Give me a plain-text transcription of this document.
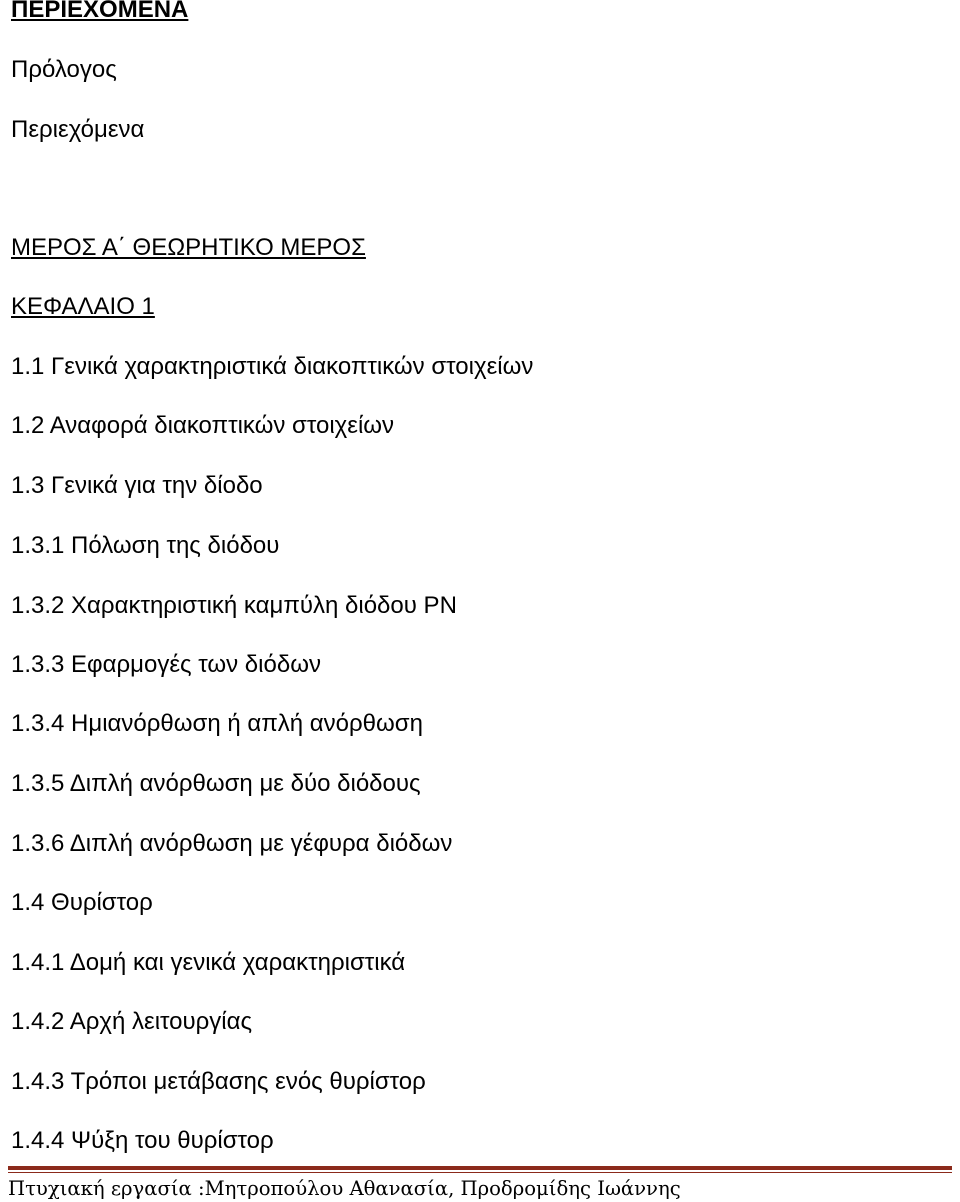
ΠΕΡΙΕΧΟΜΕΝΑ

Πρόλογος

Περιεχόμενα

ΜΕΡΟΣ Α΄ ΘΕΩΡΗΤΙΚΟ ΜΕΡΟΣ

ΚΕΦΑΛΑΙΟ 1

1.1 Γενικά χαρακτηριστικά διακοπτικών στοιχείων

1.2 Αναφορά διακοπτικών στοιχείων

1.3 Γενικά για την δίοδο

1.3.1 Πόλωση της διόδου

1.3.2 Χαρακτηριστική καμπύλη διόδου PN

1.3.3 Εφαρμογές των διόδων

1.3.4 Ημιανόρθωση ή απλή ανόρθωση

1.3.5 Διπλή ανόρθωση με δύο διόδους

1.3.6 Διπλή ανόρθωση με γέφυρα διόδων

1.4 Θυρίστορ

1.4.1 Δομή και γενικά χαρακτηριστικά

1.4.2 Αρχή λειτουργίας

1.4.3 Τρόποι μετάβασης ενός θυρίστορ

1.4.4 Ψύξη του θυρίστορ

Πτυχιακή εργασία :Μητροπούλου Αθανασία, Προδρομίδης Ιωάννης
